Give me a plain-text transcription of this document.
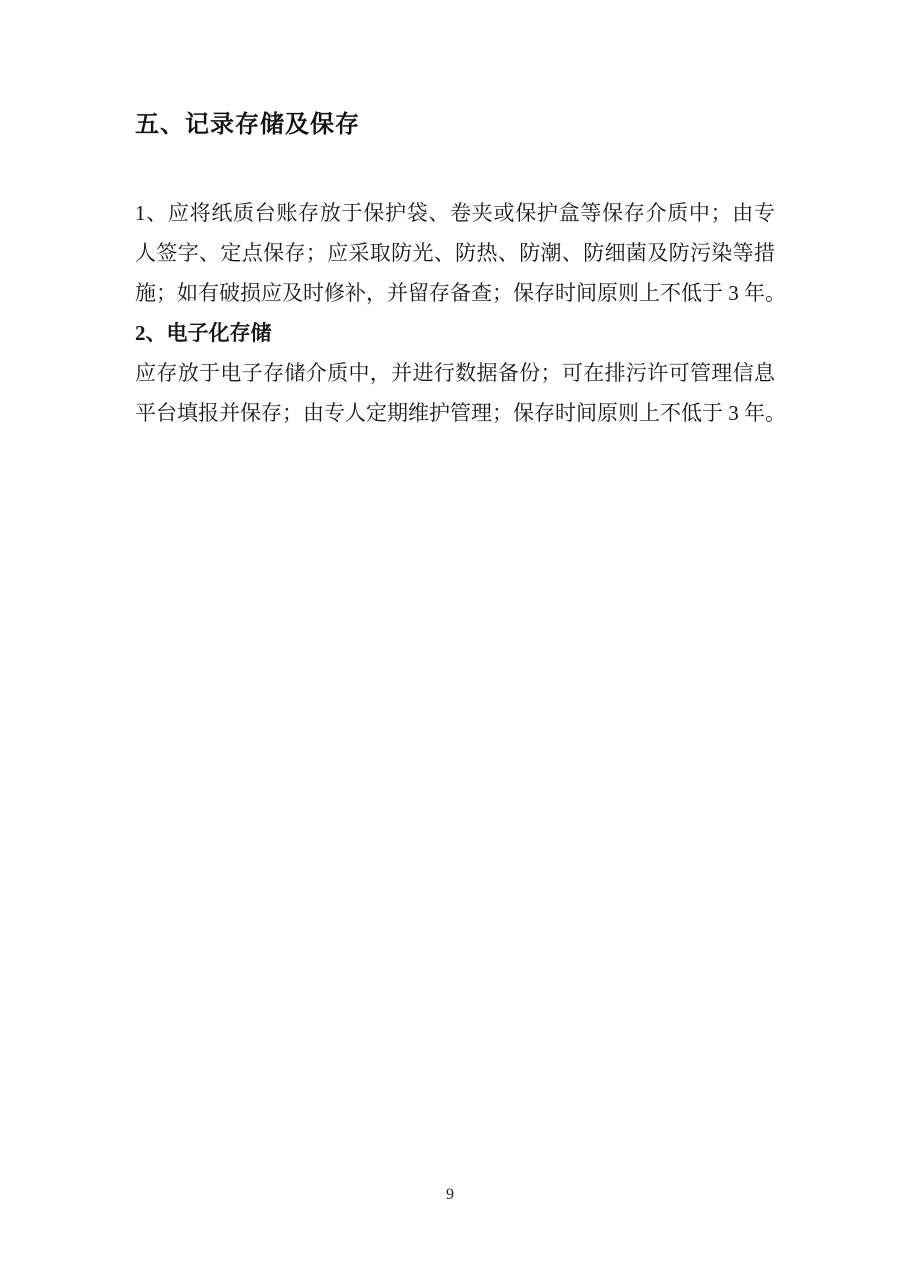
五、记录存储及保存
1、应将纸质台账存放于保护袋、卷夹或保护盒等保存介质中；由专
人签字、定点保存；应采取防光、防热、防潮、防细菌及防污染等措
施；如有破损应及时修补，并留存备查；保存时间原则上不低于 3 年。
2、电子化存储
应存放于电子存储介质中，并进行数据备份；可在排污许可管理信息
平台填报并保存；由专人定期维护管理；保存时间原则上不低于 3 年。
9
